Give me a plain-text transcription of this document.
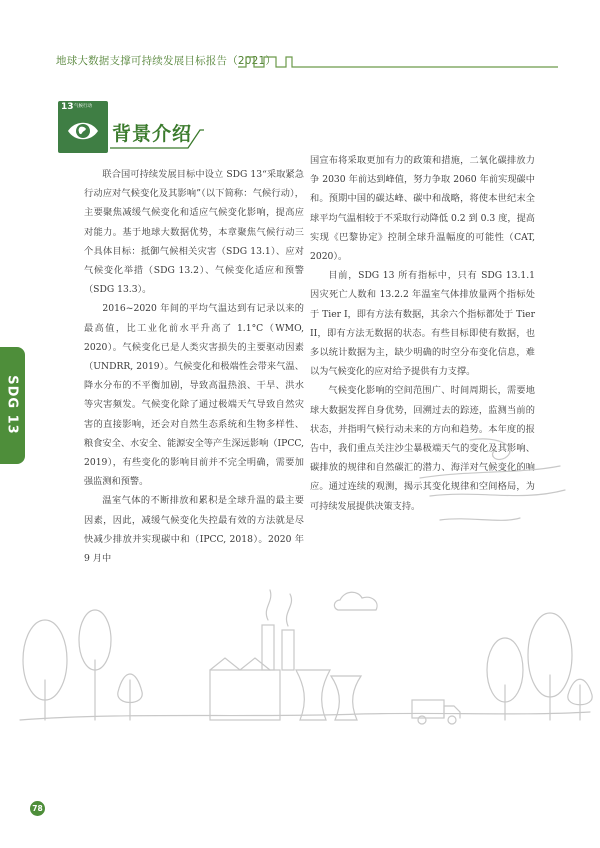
地球大数据支撑可持续发展目标报告（2021）
13 气候行动
背景介绍

联合国可持续发展目标中设立 SDG 13“采取紧急行动应对气候变化及其影响”（以下简称：气候行动），主要聚焦减缓气候变化和适应气候变化影响，提高应对能力。基于地球大数据优势，本章聚焦气候行动三个具体目标：抵御气候相关灾害（SDG 13.1）、应对气候变化举措（SDG 13.2）、气候变化适应和预警（SDG 13.3）。

2016~2020 年间的平均气温达到有记录以来的最高值，比工业化前水平升高了 1.1°C（WMO, 2020）。气候变化已是人类灾害损失的主要驱动因素（UNDRR, 2019）。气候变化和极端性会带来气温、降水分布的不平衡加剧，导致高温热浪、干旱、洪水等灾害频发。气候变化除了通过极端天气导致自然灾害的直接影响，还会对自然生态系统和生物多样性、粮食安全、水安全、能源安全等产生深远影响（IPCC, 2019），有些变化的影响目前并不完全明确，需要加强监测和预警。

温室气体的不断排放和累积是全球升温的最主要因素，因此，减缓气候变化失控最有效的方法就是尽快减少排放并实现碳中和（IPCC, 2018）。2020 年 9 月中

国宣布将采取更加有力的政策和措施，二氧化碳排放力争 2030 年前达到峰值，努力争取 2060 年前实现碳中和。预期中国的碳达峰、碳中和战略，将使本世纪末全球平均气温相较于不采取行动降低 0.2 到 0.3 度，提高实现《巴黎协定》控制全球升温幅度的可能性（CAT, 2020）。

目前，SDG 13 所有指标中，只有 SDG 13.1.1 因灾死亡人数和 13.2.2 年温室气体排放量两个指标处于 Tier I，即有方法有数据，其余六个指标都处于 Tier II，即有方法无数据的状态。有些目标即使有数据，也多以统计数据为主，缺少明确的时空分布变化信息，难以为气候变化的应对给予提供有力支撑。

气候变化影响的空间范围广、时间周期长，需要地球大数据发挥自身优势，回溯过去的踪迹，监测当前的状态，并指明气候行动未来的方向和趋势。本年度的报告中，我们重点关注沙尘暴极端天气的变化及其影响、碳排放的规律和自然碳汇的潜力、海洋对气候变化的响应。通过连续的观测，揭示其变化规律和空间格局，为可持续发展提供决策支持。

SDG 13
78
